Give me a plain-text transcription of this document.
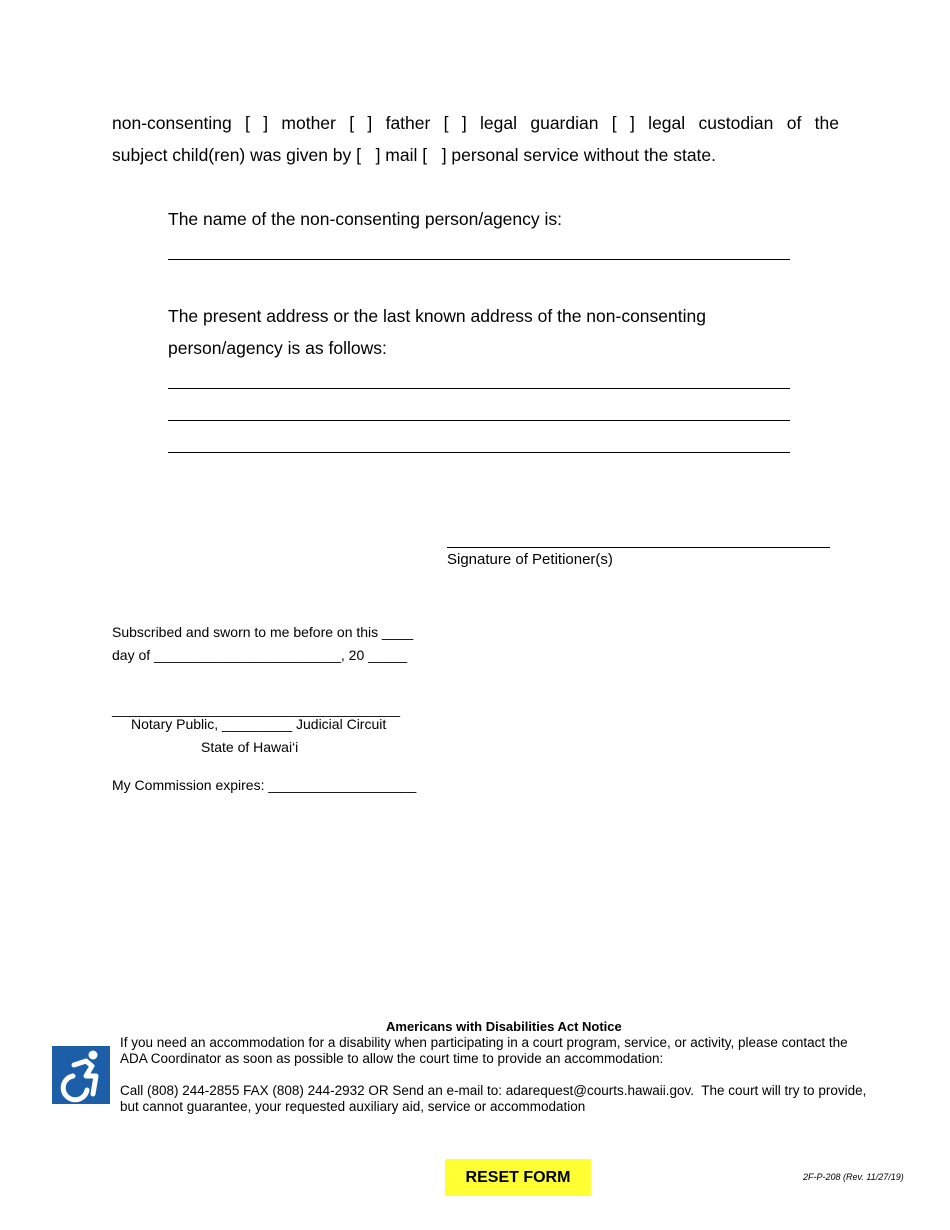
non-consenting [ ] mother [ ] father [ ] legal guardian [ ] legal custodian of the
subject child(ren) was given by [   ] mail [   ] personal service without the state.
The name of the non-consenting person/agency is:
The present address or the last known address of the non-consenting
person/agency is as follows:
Signature of Petitioner(s)
Subscribed and sworn to me before on this ____
day of ________________________, 20 _____
_____________________________________
Notary Public, _________ Judicial Circuit
State of Hawai‘i
My Commission expires: ___________________
Americans with Disabilities Act Notice
If you need an accommodation for a disability when participating in a court program, service, or activity, please contact the
ADA Coordinator as soon as possible to allow the court time to provide an accommodation:
Call (808) 244-2855 FAX (808) 244-2932 OR Send an e-mail to: adarequest@courts.hawaii.gov.  The court will try to provide,
but cannot guarantee, your requested auxiliary aid, service or accommodation
RESET FORM	2F-P-208 (Rev. 11/27/19)
